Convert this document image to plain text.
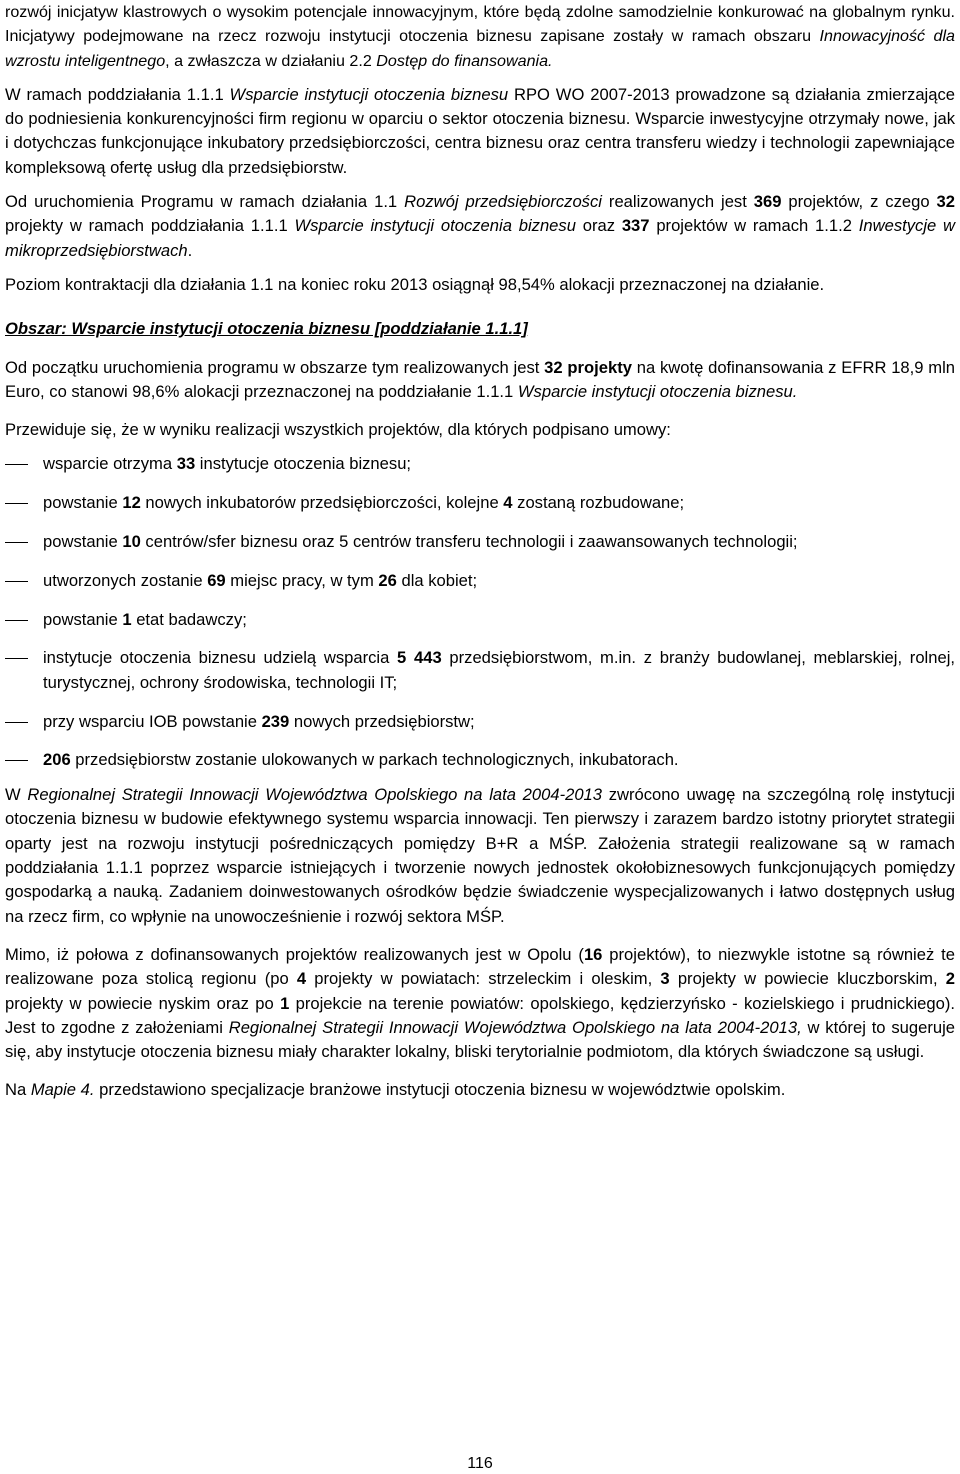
rozwój inicjatyw klastrowych o wysokim potencjale innowacyjnym, które będą zdolne samodzielnie konkurować na globalnym rynku. Inicjatywy podejmowane na rzecz rozwoju instytucji otoczenia biznesu zapisane zostały w ramach obszaru Innowacyjność dla wzrostu inteligentnego, a zwłaszcza w działaniu 2.2 Dostęp do finansowania.

W ramach poddziałania 1.1.1 Wsparcie instytucji otoczenia biznesu RPO WO 2007-2013 prowadzone są działania zmierzające do podniesienia konkurencyjności firm regionu w oparciu o sektor otoczenia biznesu. Wsparcie inwestycyjne otrzymały nowe, jak i dotychczas funkcjonujące inkubatory przedsiębiorczości, centra biznesu oraz centra transferu wiedzy i technologii zapewniające kompleksową ofertę usług dla przedsiębiorstw.

Od uruchomienia Programu w ramach działania 1.1 Rozwój przedsiębiorczości realizowanych jest 369 projektów, z czego 32 projekty w ramach poddziałania 1.1.1 Wsparcie instytucji otoczenia biznesu oraz 337 projektów w ramach 1.1.2 Inwestycje w mikroprzedsiębiorstwach.

Poziom kontraktacji dla działania 1.1 na koniec roku 2013 osiągnął 98,54% alokacji przeznaczonej na działanie.

Obszar: Wsparcie instytucji otoczenia biznesu [poddziałanie 1.1.1]

Od początku uruchomienia programu w obszarze tym realizowanych jest 32 projekty na kwotę dofinansowania z EFRR 18,9 mln Euro, co stanowi 98,6% alokacji przeznaczonej na poddziałanie 1.1.1 Wsparcie instytucji otoczenia biznesu.

Przewiduje się, że w wyniku realizacji wszystkich projektów, dla których podpisano umowy:

wsparcie otrzyma 33 instytucje otoczenia biznesu;
powstanie 12 nowych inkubatorów przedsiębiorczości, kolejne 4 zostaną rozbudowane;
powstanie 10 centrów/sfer biznesu oraz 5 centrów transferu technologii i zaawansowanych technologii;
utworzonych zostanie 69 miejsc pracy, w tym 26 dla kobiet;
powstanie 1 etat badawczy;
instytucje otoczenia biznesu udzielą wsparcia 5 443 przedsiębiorstwom, m.in. z branży budowlanej, meblarskiej, rolnej, turystycznej, ochrony środowiska, technologii IT;
przy wsparciu IOB powstanie 239 nowych przedsiębiorstw;
206 przedsiębiorstw zostanie ulokowanych w parkach technologicznych, inkubatorach.

W Regionalnej Strategii Innowacji Województwa Opolskiego na lata 2004-2013 zwrócono uwagę na szczególną rolę instytucji otoczenia biznesu w budowie efektywnego systemu wsparcia innowacji. Ten pierwszy i zarazem bardzo istotny priorytet strategii oparty jest na rozwoju instytucji pośredniczących pomiędzy B+R a MŚP. Założenia strategii realizowane są w ramach poddziałania 1.1.1 poprzez wsparcie istniejących i tworzenie nowych jednostek okołobiznesowych funkcjonujących pomiędzy gospodarką a nauką. Zadaniem doinwestowanych ośrodków będzie świadczenie wyspecjalizowanych i łatwo dostępnych usług na rzecz firm, co wpłynie na unowocześnienie i rozwój sektora MŚP.

Mimo, iż połowa z dofinansowanych projektów realizowanych jest w Opolu (16 projektów), to niezwykle istotne są również te realizowane poza stolicą regionu (po 4 projekty w powiatach: strzeleckim i oleskim, 3 projekty w powiecie kluczborskim, 2 projekty w powiecie nyskim oraz po 1 projekcie na terenie powiatów: opolskiego, kędzierzyńsko - kozielskiego i prudnickiego). Jest to zgodne z założeniami Regionalnej Strategii Innowacji Województwa Opolskiego na lata 2004-2013, w której to sugeruje się, aby instytucje otoczenia biznesu miały charakter lokalny, bliski terytorialnie podmiotom, dla których świadczone są usługi.

Na Mapie 4. przedstawiono specjalizacje branżowe instytucji otoczenia biznesu w województwie opolskim.

116
